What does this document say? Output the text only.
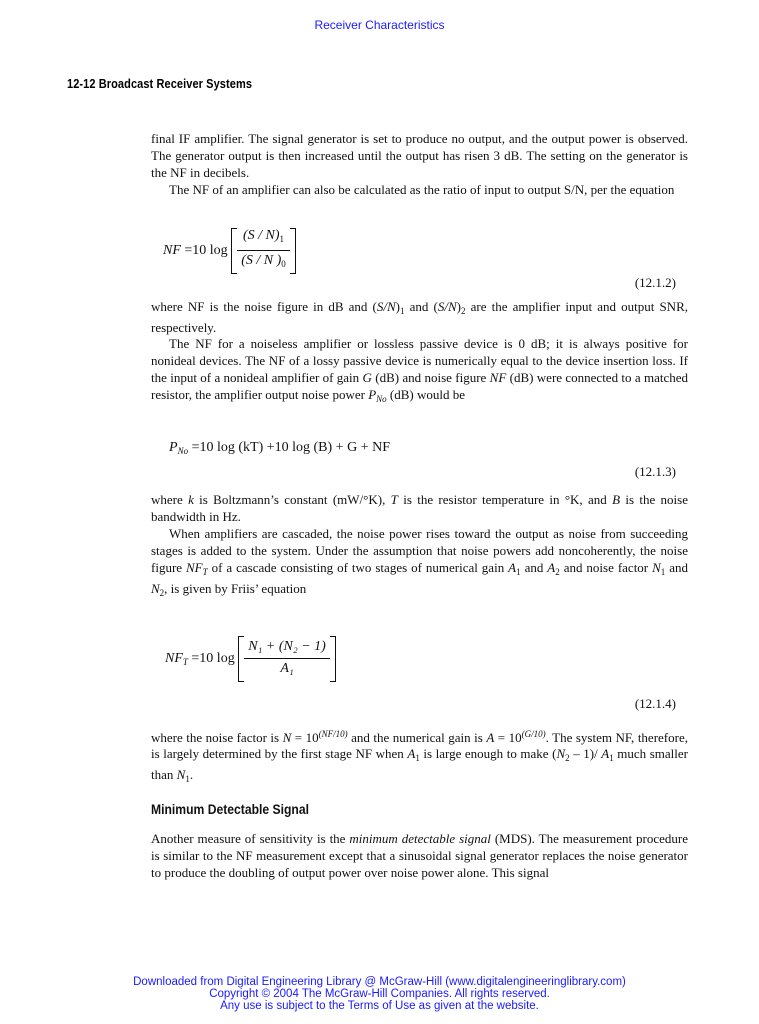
Receiver Characteristics
12-12 Broadcast Receiver Systems

final IF amplifier. The signal generator is set to produce no output, and the output power is observed. The generator output is then increased until the output has risen 3 dB. The setting on the generator is the NF in decibels.

The NF of an amplifier can also be calculated as the ratio of input to output S/N, per the equation

NF =10 $\log \frac{(S / N)_1}{(S / N )_0}$
(12.1.2)

where NF is the noise figure in dB and $(S/N)_1$ and $(S/N)_2$ are the amplifier input and output SNR, respectively.

The NF for a noiseless amplifier or lossless passive device is 0 dB; it is always positive for nonideal devices. The NF of a lossy passive device is numerically equal to the device insertion loss. If the input of a nonideal amplifier of gain G (dB) and noise figure NF (dB) were connected to a matched resistor, the amplifier output noise power $P_{No}$ (dB) would be

$P_{No} =10$ log (kT) +10 log (B) + G + NF
(12.1.3)

where k is Boltzmann’s constant (mW/°K), T is the resistor temperature in °K, and B is the noise bandwidth in Hz.

When amplifiers are cascaded, the noise power rises toward the output as noise from succeeding stages is added to the system. Under the assumption that noise powers add noncoherently, the noise figure $NF_T$ of a cascade consisting of two stages of numerical gain $A_1$ and $A_2$ and noise factor $N_1$ and $N_2$, is given by Friis’ equation

$NF_T =10$ $\log \frac{\text{N₁ + (N₂ − 1)}}{\text{A₁}}$
(12.1.4)

where the noise factor is $N = 10^{(NF/10)}$ and the numerical gain is $A = 10^{(G/10)}$. The system NF, therefore, is largely determined by the first stage NF when $A_1$ is large enough to make $(N_2 - 1)/$ $A_1$ much smaller than $N_1$.

Minimum Detectable Signal

Another measure of sensitivity is the minimum detectable signal (MDS). The measurement procedure is similar to the NF measurement except that a sinusoidal signal generator replaces the noise generator to produce the doubling of output power over noise power alone. This signal

Downloaded from Digital Engineering Library @ McGraw-Hill (www.digitalengineeringlibrary.com)
Copyright © 2004 The McGraw-Hill Companies. All rights reserved.
Any use is subject to the Terms of Use as given at the website.
